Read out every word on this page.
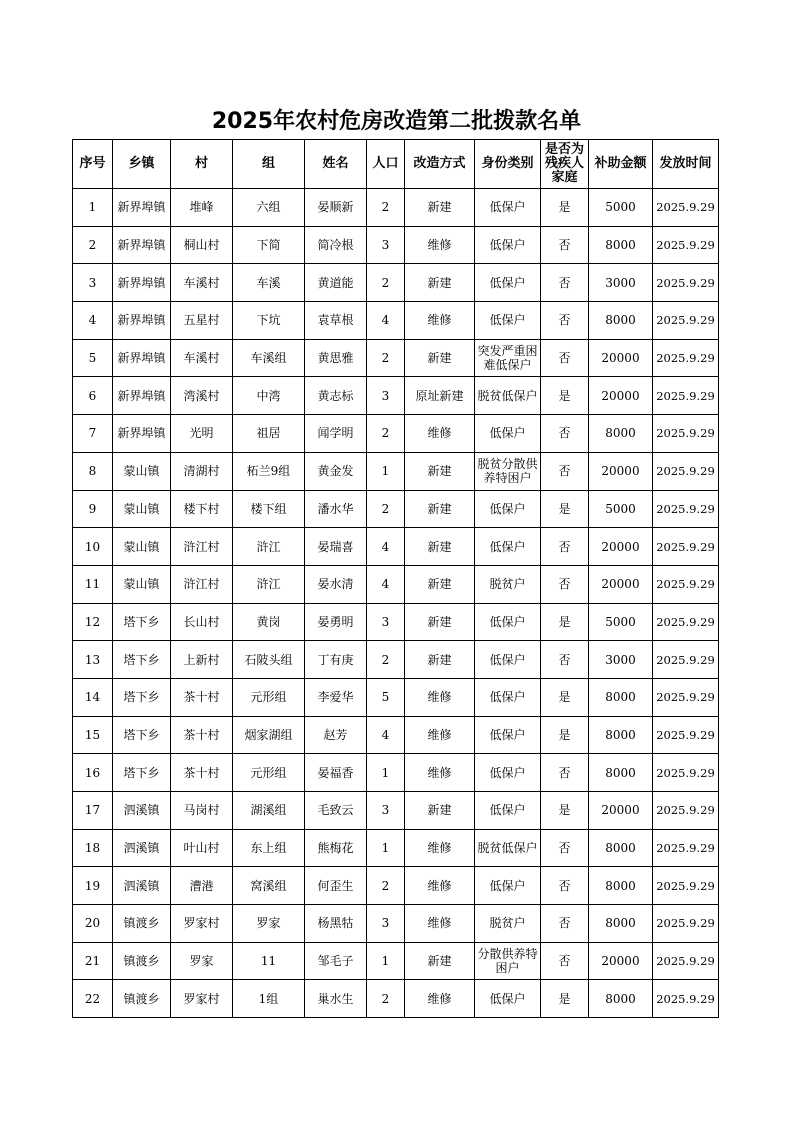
2025年农村危房改造第二批拨款名单
序号	乡镇	村	组	姓名	人口	改造方式	身份类别	是否为残疾人家庭	补助金额	发放时间
1	新界埠镇	堆峰	六组	晏顺新	2	新建	低保户	是	5000	2025.9.29
2	新界埠镇	桐山村	下简	简冷根	3	维修	低保户	否	8000	2025.9.29
3	新界埠镇	车溪村	车溪	黄道能	2	新建	低保户	否	3000	2025.9.29
4	新界埠镇	五星村	下坑	袁草根	4	维修	低保户	否	8000	2025.9.29
5	新界埠镇	车溪村	车溪组	黄思雅	2	新建	突发严重困难低保户	否	20000	2025.9.29
6	新界埠镇	湾溪村	中湾	黄志标	3	原址新建	脱贫低保户	是	20000	2025.9.29
7	新界埠镇	光明	祖居	闻学明	2	维修	低保户	否	8000	2025.9.29
8	蒙山镇	清湖村	柘兰9组	黄金发	1	新建	脱贫分散供养特困户	否	20000	2025.9.29
9	蒙山镇	楼下村	楼下组	潘水华	2	新建	低保户	是	5000	2025.9.29
10	蒙山镇	浒江村	浒江	晏瑞喜	4	新建	低保户	否	20000	2025.9.29
11	蒙山镇	浒江村	浒江	晏水清	4	新建	脱贫户	否	20000	2025.9.29
12	塔下乡	长山村	黄岗	晏勇明	3	新建	低保户	是	5000	2025.9.29
13	塔下乡	上新村	石陂头组	丁有庚	2	新建	低保户	否	3000	2025.9.29
14	塔下乡	茶十村	元形组	李爱华	5	维修	低保户	是	8000	2025.9.29
15	塔下乡	茶十村	烟家湖组	赵芳	4	维修	低保户	是	8000	2025.9.29
16	塔下乡	茶十村	元形组	晏福香	1	维修	低保户	否	8000	2025.9.29
17	泗溪镇	马岗村	湖溪组	毛致云	3	新建	低保户	是	20000	2025.9.29
18	泗溪镇	叶山村	东上组	熊梅花	1	维修	脱贫低保户	否	8000	2025.9.29
19	泗溪镇	漕港	窝溪组	何歪生	2	维修	低保户	否	8000	2025.9.29
20	镇渡乡	罗家村	罗家	杨黑牯	3	维修	脱贫户	否	8000	2025.9.29
21	镇渡乡	罗家	11	邹毛子	1	新建	分散供养特困户	否	20000	2025.9.29
22	镇渡乡	罗家村	1组	巢水生	2	维修	低保户	是	8000	2025.9.29
